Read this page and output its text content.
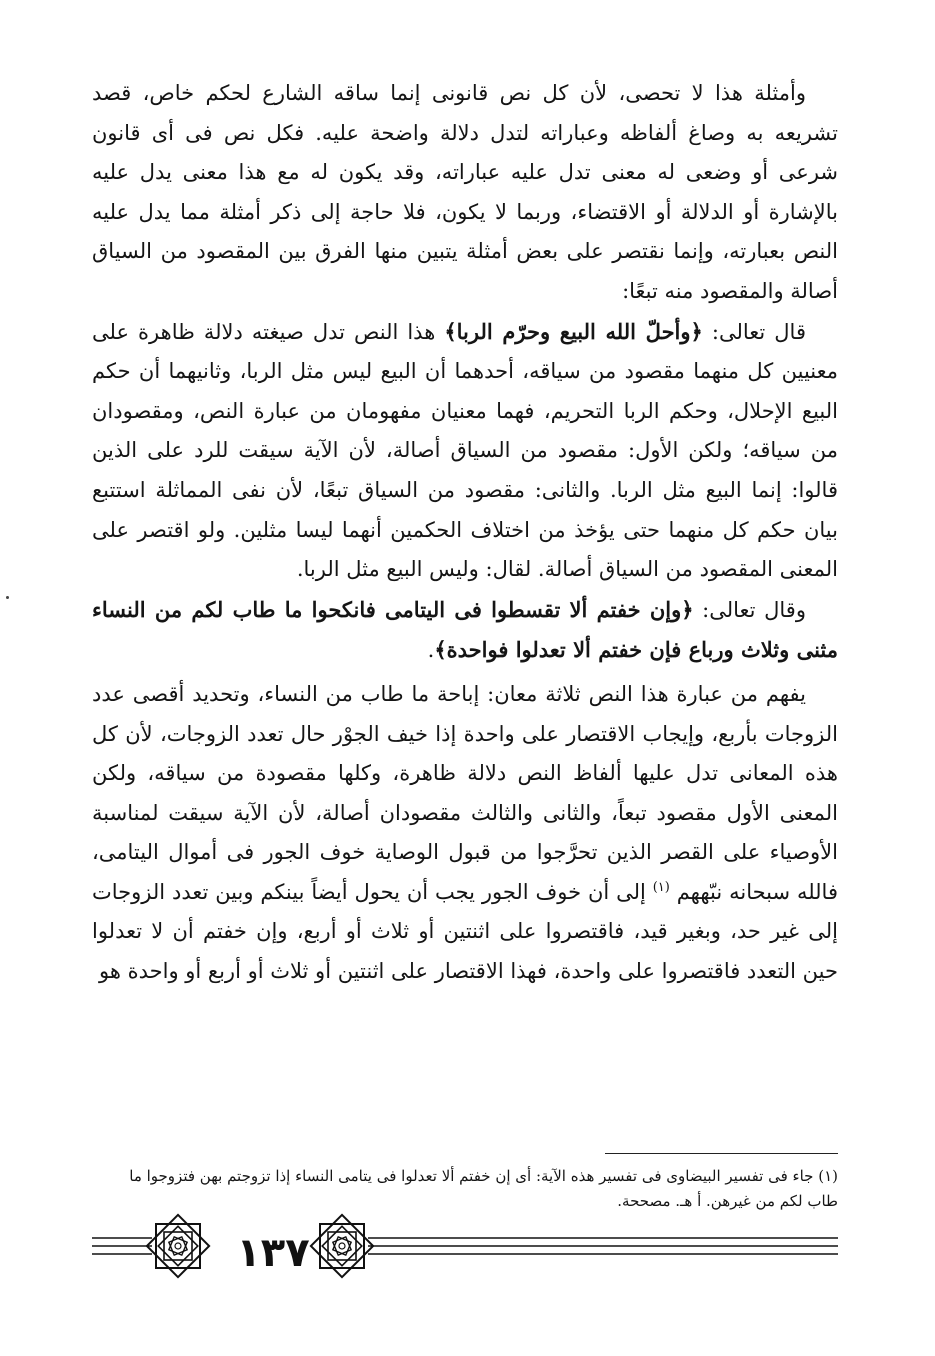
وأمثلة هذا لا تحصى، لأن كل نص قانونى إنما ساقه الشارع لحكم خاص، قصد تشريعه به وصاغ ألفاظه وعباراته لتدل دلالة واضحة عليه. فكل نص فى أى قانون شرعى أو وضعى له معنى تدل عليه عباراته، وقد يكون له مع هذا معنى يدل عليه بالإشارة أو الدلالة أو الاقتضاء، وربما لا يكون، فلا حاجة إلى ذكر أمثلة مما يدل عليه النص بعبارته، وإنما نقتصر على بعض أمثلة يتبين منها الفرق بين المقصود من السياق أصالة والمقصود منه تبعًا:

قال تعالى: ﴿وأحلّ الله البيع وحرّم الربا﴾ هذا النص تدل صيغته دلالة ظاهرة على معنيين كل منهما مقصود من سياقه، أحدهما أن البيع ليس مثل الربا، وثانيهما أن حكم البيع الإحلال، وحكم الربا التحريم، فهما معنيان مفهومان من عبارة النص، ومقصودان من سياقه؛ ولكن الأول: مقصود من السياق أصالة، لأن الآية سيقت للرد على الذين قالوا: إنما البيع مثل الربا. والثانى: مقصود من السياق تبعًا، لأن نفى المماثلة استتبع بيان حكم كل منهما حتى يؤخذ من اختلاف الحكمين أنهما ليسا مثلين. ولو اقتصر على المعنى المقصود من السياق أصالة. لقال: وليس البيع مثل الربا.

وقال تعالى: ﴿وإن خفتم ألا تقسطوا فى اليتامى فانكحوا ما طاب لكم من النساء مثنى وثلاث ورباع فإن خفتم ألا تعدلوا فواحدة﴾.

يفهم من عبارة هذا النص ثلاثة معان: إباحة ما طاب من النساء، وتحديد أقصى عدد الزوجات بأربع، وإيجاب الاقتصار على واحدة إذا خيف الجوْر حال تعدد الزوجات، لأن كل هذه المعانى تدل عليها ألفاظ النص دلالة ظاهرة، وكلها مقصودة من سياقه، ولكن المعنى الأول مقصود تبعاً، والثانى والثالث مقصودان أصالة، لأن الآية سيقت لمناسبة الأوصياء على القصر الذين تحرَّجوا من قبول الوصاية خوف الجور فى أموال اليتامى، فالله سبحانه نبّههم $^{(١)}$ إلى أن خوف الجور يجب أن يحول أيضاً بينكم وبين تعدد الزوجات إلى غير حد، وبغير قيد، فاقتصروا على اثنتين أو ثلاث أو أربع، وإن خفتم أن لا تعدلوا حين التعدد فاقتصروا على واحدة، فهذا الاقتصار على اثنتين أو ثلاث أو أربع أو واحدة هو

(١) جاء فى تفسير البيضاوى فى تفسير هذه الآية: أى إن خفتم ألا تعدلوا فى يتامى النساء إذا تزوجتم بهن فتزوجوا ما طاب لكم من غيرهن. أ هـ. مصححة.

١٣٧
